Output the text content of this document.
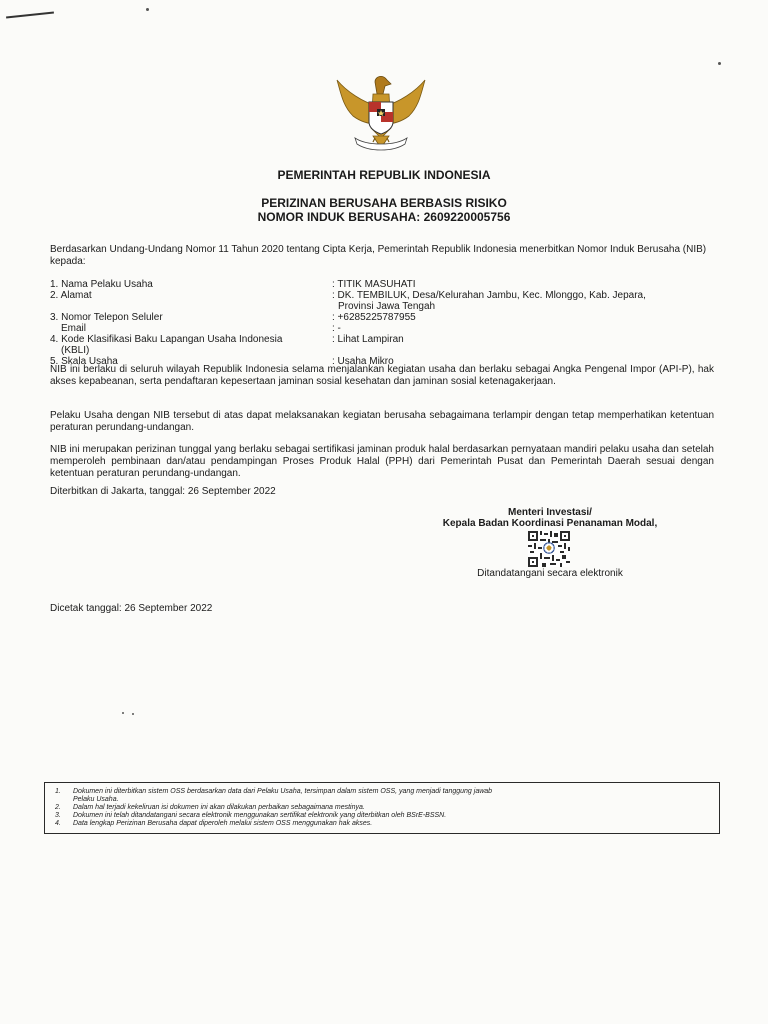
PEMERINTAH REPUBLIK INDONESIA
PERIZINAN BERUSAHA BERBASIS RISIKO
NOMOR INDUK BERUSAHA: 2609220005756
Berdasarkan Undang-Undang Nomor 11 Tahun 2020 tentang Cipta Kerja, Pemerintah Republik Indonesia menerbitkan Nomor Induk Berusaha (NIB) kepada:
1. Nama Pelaku Usaha	: TITIK MASUHATI
2. Alamat	: DK. TEMBILUK, Desa/Kelurahan Jambu, Kec. Mlonggo, Kab. Jepara,
Provinsi Jawa Tengah
3. Nomor Telepon Seluler	: +6285225787955
Email	: -
4. Kode Klasifikasi Baku Lapangan Usaha Indonesia
(KBLI)
: Lihat Lampiran
5. Skala Usaha	: Usaha Mikro
NIB ini berlaku di seluruh wilayah Republik Indonesia selama menjalankan kegiatan usaha dan berlaku sebagai Angka Pengenal Impor (API-P), hak akses kepabeanan, serta pendaftaran kepesertaan jaminan sosial kesehatan dan jaminan sosial ketenagakerjaan.
Pelaku Usaha dengan NIB tersebut di atas dapat melaksanakan kegiatan berusaha sebagaimana terlampir dengan tetap memperhatikan ketentuan peraturan perundang-undangan.
NIB ini merupakan perizinan tunggal yang berlaku sebagai sertifikasi jaminan produk halal berdasarkan pernyataan mandiri pelaku usaha dan setelah memperoleh pembinaan dan/atau pendampingan Proses Produk Halal (PPH) dari Pemerintah Pusat dan Pemerintah Daerah sesuai dengan ketentuan peraturan perundang-undangan.
Diterbitkan di Jakarta, tanggal: 26 September 2022
Menteri Investasi/
Kepala Badan Koordinasi Penanaman Modal,
Ditandatangani secara elektronik
Dicetak tanggal: 26 September 2022
1.	Dokumen ini diterbitkan sistem OSS berdasarkan data dari Pelaku Usaha, tersimpan dalam sistem OSS, yang menjadi tanggung jawab
Pelaku Usaha.
2.	Dalam hal terjadi kekeliruan isi dokumen ini akan dilakukan perbaikan sebagaimana mestinya.
3.	Dokumen ini telah ditandatangani secara elektronik menggunakan sertifikat elektronik yang diterbitkan oleh BSrE-BSSN.
4.	Data lengkap Perizinan Berusaha dapat diperoleh melalui sistem OSS menggunakan hak akses.
